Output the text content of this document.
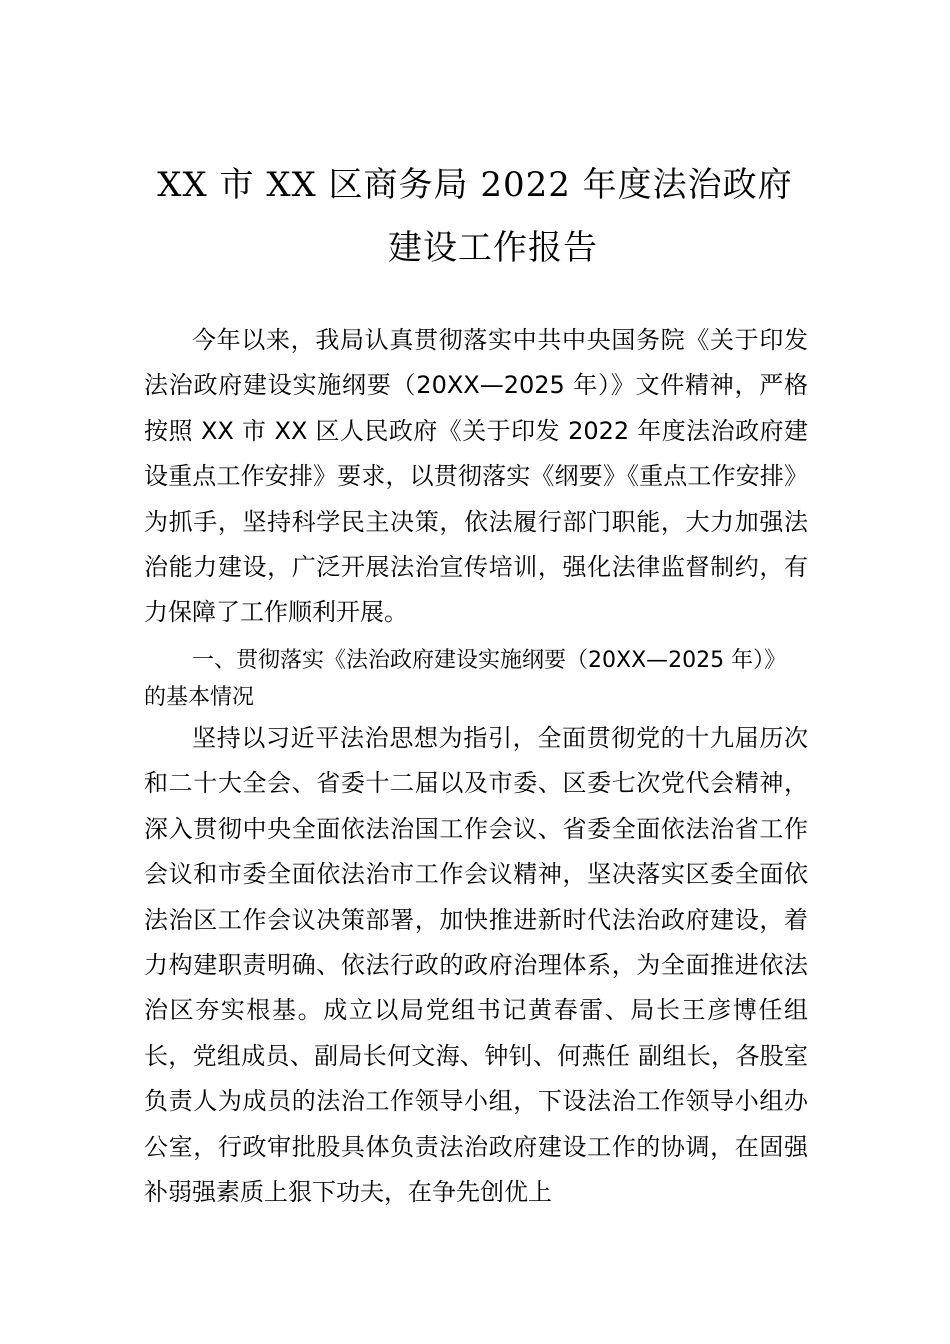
XX 市 XX 区商务局 2022 年度法治政府
建设工作报告

今年以来，我局认真贯彻落实中共中央国务院《关于印发法治政府建设实施纲要（20XX—2025 年）》文件精神，严格按照 XX 市 XX 区人民政府《关于印发 2022 年度法治政府建设重点工作安排》要求，以贯彻落实《纲要》《重点工作安排》为抓手，坚持科学民主决策，依法履行部门职能，大力加强法治能力建设，广泛开展法治宣传培训，强化法律监督制约，有力保障了工作顺利开展。

一、贯彻落实《法治政府建设实施纲要（20XX—2025 年）》的基本情况

坚持以习近平法治思想为指引，全面贯彻党的十九届历次和二十大全会、省委十二届以及市委、区委七次党代会精神，深入贯彻中央全面依法治国工作会议、省委全面依法治省工作会议和市委全面依法治市工作会议精神，坚决落实区委全面依法治区工作会议决策部署，加快推进新时代法治政府建设，着力构建职责明确、依法行政的政府治理体系，为全面推进依法治区夯实根基。成立以局党组书记黄春雷、局长王彦博任组长，党组成员、副局长何文海、钟钊、何燕任 副组长，各股室负责人为成员的法治工作领导小组，下设法治工作领导小组办公室，行政审批股具体负责法治政府建设工作的协调，在固强补弱强素质上狠下功夫，在争先创优上
